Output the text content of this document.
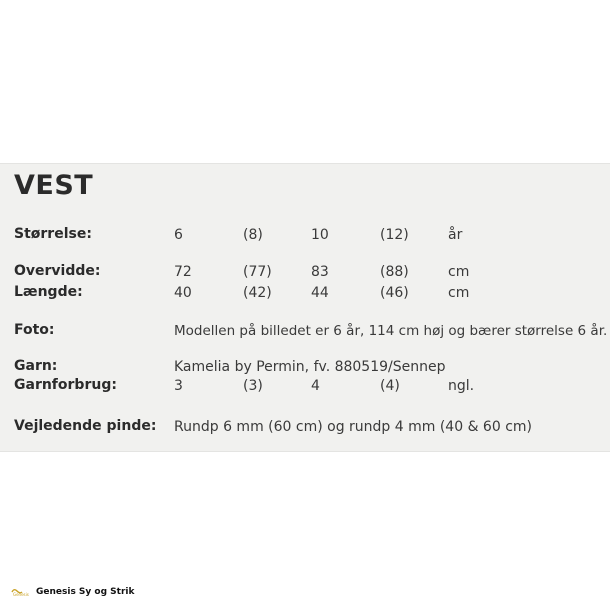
VEST
Størrelse:	6	(8)	10	(12)	år
Overvidde:	72	(77)	83	(88)	cm
Længde:	40	(42)	44	(46)	cm
Foto:	Modellen på billedet er 6 år, 114 cm høj og bærer størrelse 6 år.
Garn:	Kamelia by Permin, fv. 880519/Sennep
Garnforbrug:	3	(3)	4	(4)	ngl.
Vejledende pinde: Rundp 6 mm (60 cm) og rundp 4 mm (40 & 60 cm)
Genesis Genesis Sy og Strik
